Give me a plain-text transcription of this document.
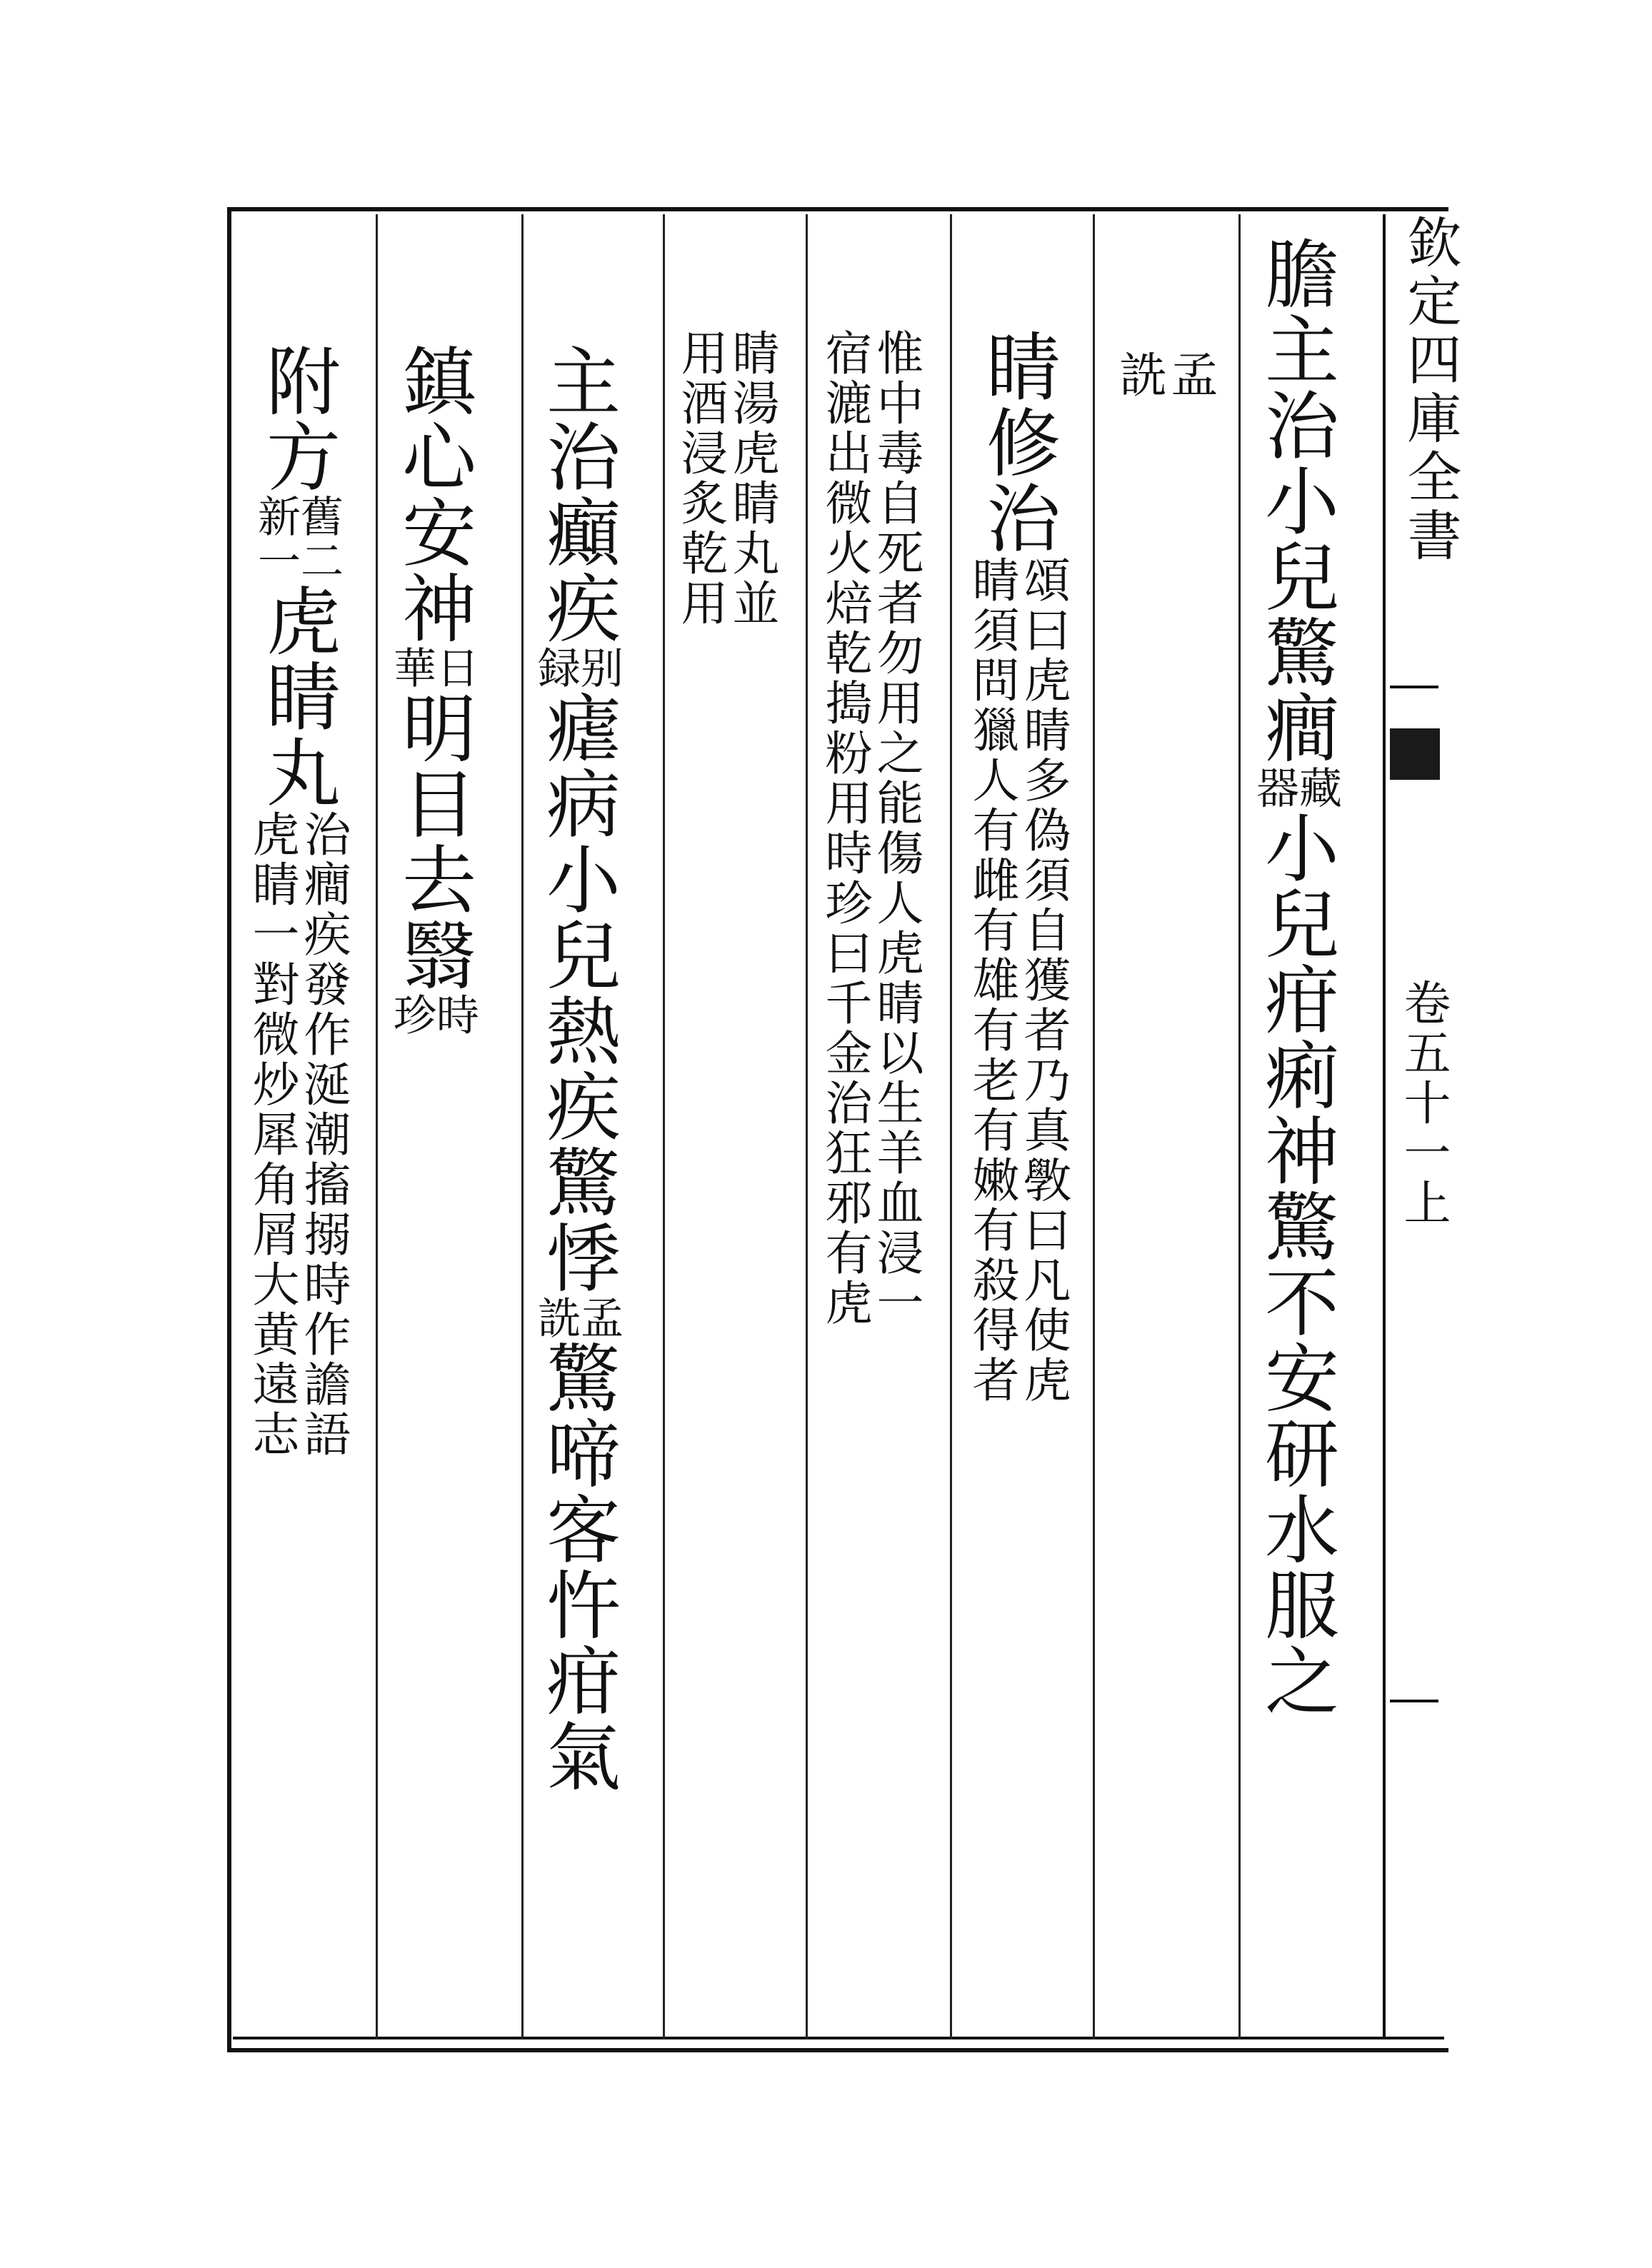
欽定四庫全書
卷五十一上
膽主治小兒驚癎
藏
器
小兒疳痢神驚不安研水服之
孟
詵
睛修治
頌曰虎睛多偽須自獲者乃真斆曰凡使虎
睛須問獵人有雌有雄有老有嫩有殺得者
惟中毒自死者勿用之能傷人虎睛以生羊血浸一
宿漉出微火焙乾搗粉用時珍曰千金治狂邪有虎
睛湯虎睛丸並
用酒浸炙乾用
主治癲疾
别
録
瘧病小兒熱疾驚悸
孟
詵
驚啼客忤疳氣
鎮心安神
日
華
明目去翳
時
珍
附方
舊二
新一
虎睛丸
治癎疾發作涎潮搐搦時作譫語
虎睛一對微炒犀角屑大黄遠志
